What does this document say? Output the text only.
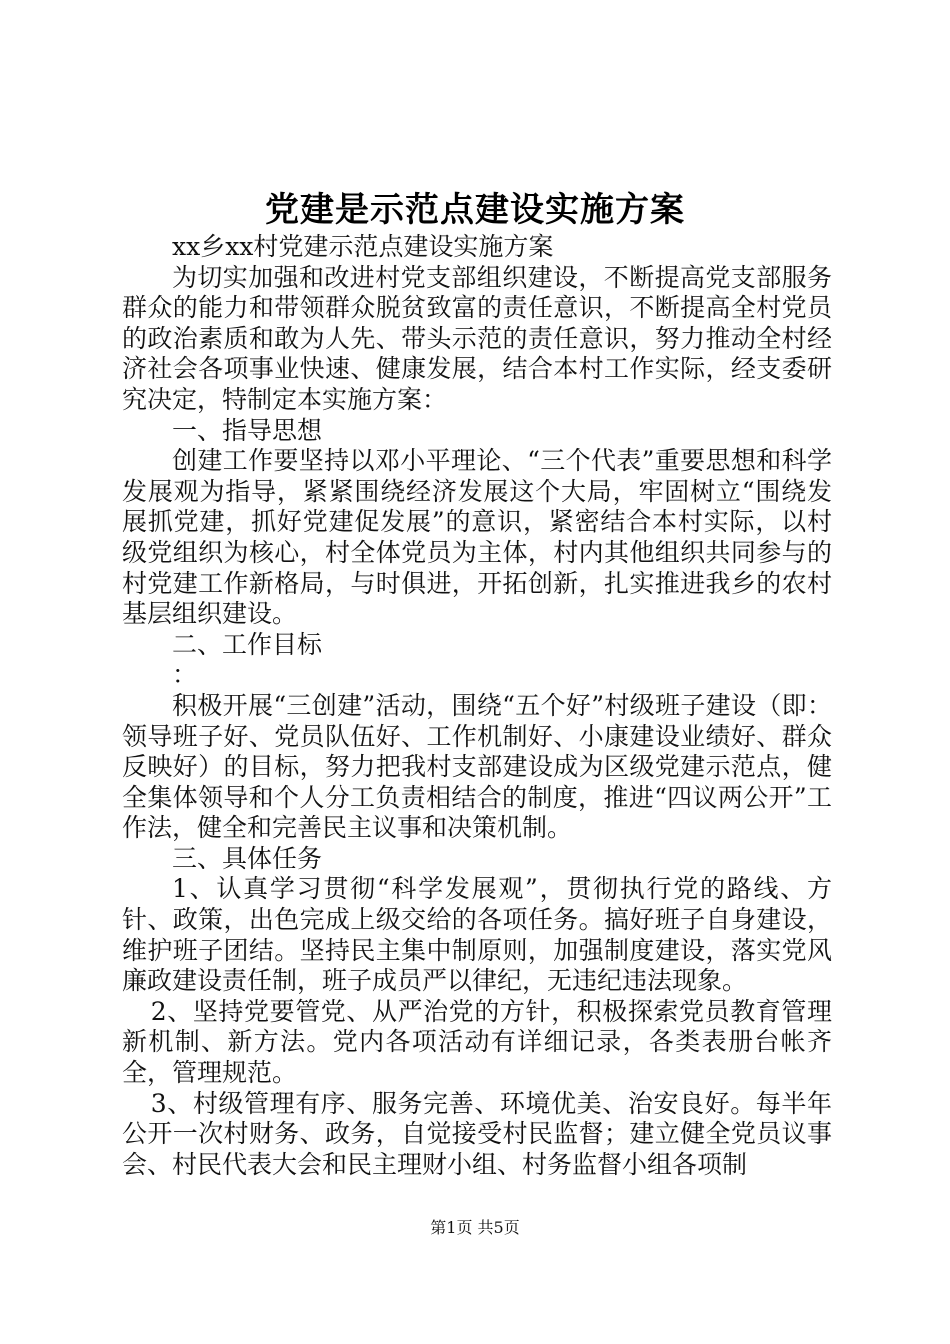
党建是示范点建设实施方案

xx乡xx村党建示范点建设实施方案

为切实加强和改进村党支部组织建设，不断提高党支部服务群众的能力和带领群众脱贫致富的责任意识，不断提高全村党员的政治素质和敢为人先、带头示范的责任意识，努力推动全村经济社会各项事业快速、健康发展，结合本村工作实际，经支委研究决定，特制定本实施方案：

一、指导思想

创建工作要坚持以邓小平理论、“三个代表”重要思想和科学发展观为指导，紧紧围绕经济发展这个大局，牢固树立“围绕发展抓党建，抓好党建促发展”的意识，紧密结合本村实际，以村级党组织为核心，村全体党员为主体，村内其他组织共同参与的村党建工作新格局，与时俱进，开拓创新，扎实推进我乡的农村基层组织建设。

二、工作目标

：

积极开展“三创建”活动，围绕“五个好”村级班子建设（即：领导班子好、党员队伍好、工作机制好、小康建设业绩好、群众反映好）的目标，努力把我村支部建设成为区级党建示范点，健全集体领导和个人分工负责相结合的制度，推进“四议两公开”工作法，健全和完善民主议事和决策机制。

三、具体任务

1、认真学习贯彻“科学发展观”，贯彻执行党的路线、方针、政策，出色完成上级交给的各项任务。搞好班子自身建设，维护班子团结。坚持民主集中制原则，加强制度建设，落实党风廉政建设责任制，班子成员严以律纪，无违纪违法现象。

2、坚持党要管党、从严治党的方针，积极探索党员教育管理新机制、新方法。党内各项活动有详细记录，各类表册台帐齐全，管理规范。

3、村级管理有序、服务完善、环境优美、治安良好。每半年公开一次村财务、政务，自觉接受村民监督；建立健全党员议事会、村民代表大会和民主理财小组、村务监督小组各项制

第1页 共5页
